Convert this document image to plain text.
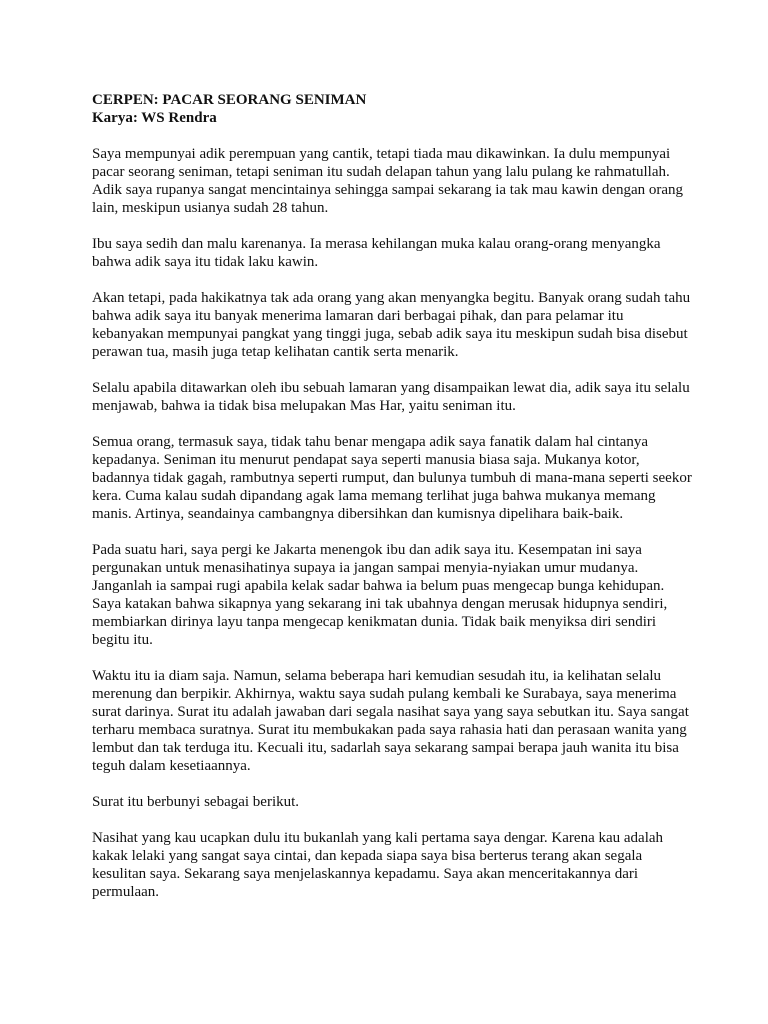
CERPEN: PACAR SEORANG SENIMAN
Karya: WS Rendra

Saya mempunyai adik perempuan yang cantik, tetapi tiada mau dikawinkan. Ia dulu mempunyai pacar seorang seniman, tetapi seniman itu sudah delapan tahun yang lalu pulang ke rahmatullah. Adik saya rupanya sangat mencintainya sehingga sampai sekarang ia tak mau kawin dengan orang lain, meskipun usianya sudah 28 tahun.

Ibu saya sedih dan malu karenanya. Ia merasa kehilangan muka kalau orang-orang menyangka bahwa adik saya itu tidak laku kawin.

Akan tetapi, pada hakikatnya tak ada orang yang akan menyangka begitu. Banyak orang sudah tahu bahwa adik saya itu banyak menerima lamaran dari berbagai pihak, dan para pelamar itu kebanyakan mempunyai pangkat yang tinggi juga, sebab adik saya itu meskipun sudah bisa disebut perawan tua, masih juga tetap kelihatan cantik serta menarik.

Selalu apabila ditawarkan oleh ibu sebuah lamaran yang disampaikan lewat dia, adik saya itu selalu menjawab, bahwa ia tidak bisa melupakan Mas Har, yaitu seniman itu.

Semua orang, termasuk saya, tidak tahu benar mengapa adik saya fanatik dalam hal cintanya kepadanya. Seniman itu menurut pendapat saya seperti manusia biasa saja. Mukanya kotor, badannya tidak gagah, rambutnya seperti rumput, dan bulunya tumbuh di mana-mana seperti seekor kera. Cuma kalau sudah dipandang agak lama memang terlihat juga bahwa mukanya memang manis. Artinya, seandainya cambangnya dibersihkan dan kumisnya dipelihara baik-baik.

Pada suatu hari, saya pergi ke Jakarta menengok ibu dan adik saya itu. Kesempatan ini saya pergunakan untuk menasihatinya supaya ia jangan sampai menyia-nyiakan umur mudanya. Janganlah ia sampai rugi apabila kelak sadar bahwa ia belum puas mengecap bunga kehidupan. Saya katakan bahwa sikapnya yang sekarang ini tak ubahnya dengan merusak hidupnya sendiri, membiarkan dirinya layu tanpa mengecap kenikmatan dunia. Tidak baik menyiksa diri sendiri begitu itu.

Waktu itu ia diam saja. Namun, selama beberapa hari kemudian sesudah itu, ia kelihatan selalu merenung dan berpikir. Akhirnya, waktu saya sudah pulang kembali ke Surabaya, saya menerima surat darinya. Surat itu adalah jawaban dari segala nasihat saya yang saya sebutkan itu. Saya sangat terharu membaca suratnya. Surat itu membukakan pada saya rahasia hati dan perasaan wanita yang lembut dan tak terduga itu. Kecuali itu, sadarlah saya sekarang sampai berapa jauh wanita itu bisa teguh dalam kesetiaannya.

Surat itu berbunyi sebagai berikut.

Nasihat yang kau ucapkan dulu itu bukanlah yang kali pertama saya dengar. Karena kau adalah kakak lelaki yang sangat saya cintai, dan kepada siapa saya bisa berterus terang akan segala kesulitan saya. Sekarang saya menjelaskannya kepadamu. Saya akan menceritakannya dari permulaan.
